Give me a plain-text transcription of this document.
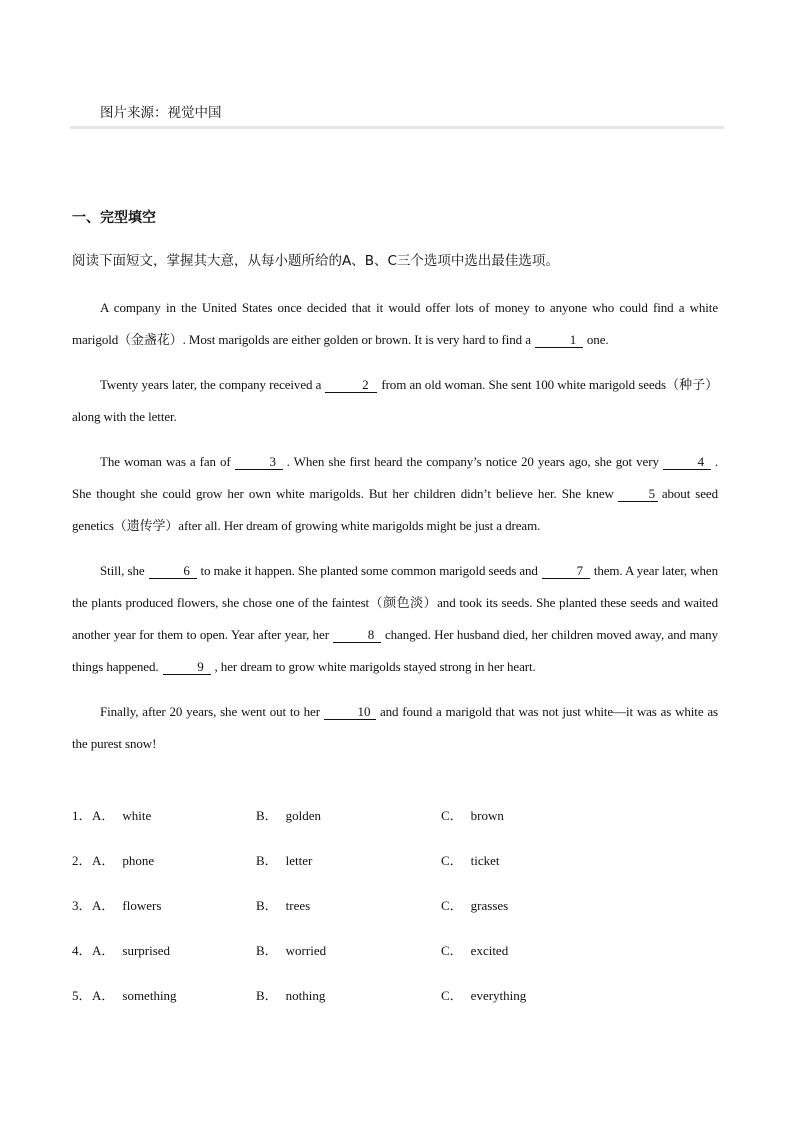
图片来源：视觉中国
一、完型填空
阅读下面短文，掌握其大意，从每小题所给的A、B、C三个选项中选出最佳选项。

A company in the United States once decided that it would offer lots of money to anyone who could find a white marigold（金盏花）. Most marigolds are either golden or brown. It is very hard to find a	1 one.

Twenty years later, the company received a	2 from an old woman. She sent 100 white marigold seeds（种子）along with the letter.

The woman was a fan of	3 . When she first heard the company’s notice 20 years ago, she got very	4 . She thought she could grow her own white marigolds. But her children didn’t believe her. She knew	5 about seed genetics（遗传学）after all. Her dream of growing white marigolds might be just a dream.

Still, she	6 to make it happen. She planted some common marigold seeds and	7 them. A year later, when the plants produced flowers, she chose one of the faintest（颜色淡）and took its seeds. She planted these seeds and waited another year for them to open. Year after year, her	8 changed. Her husband died, her children moved away, and many things happened.	9 , her dream to grow white marigolds stayed strong in her heart.

Finally, after 20 years, she went out to her	10 and found a marigold that was not just white—it was as white as the purest snow!

1． A． white	B． golden	C． brown
2． A． phone	B． letter	C． ticket
3． A． flowers	B． trees	C． grasses
4． A． surprised	B． worried	C． excited
5． A． something	B． nothing	C． everything
